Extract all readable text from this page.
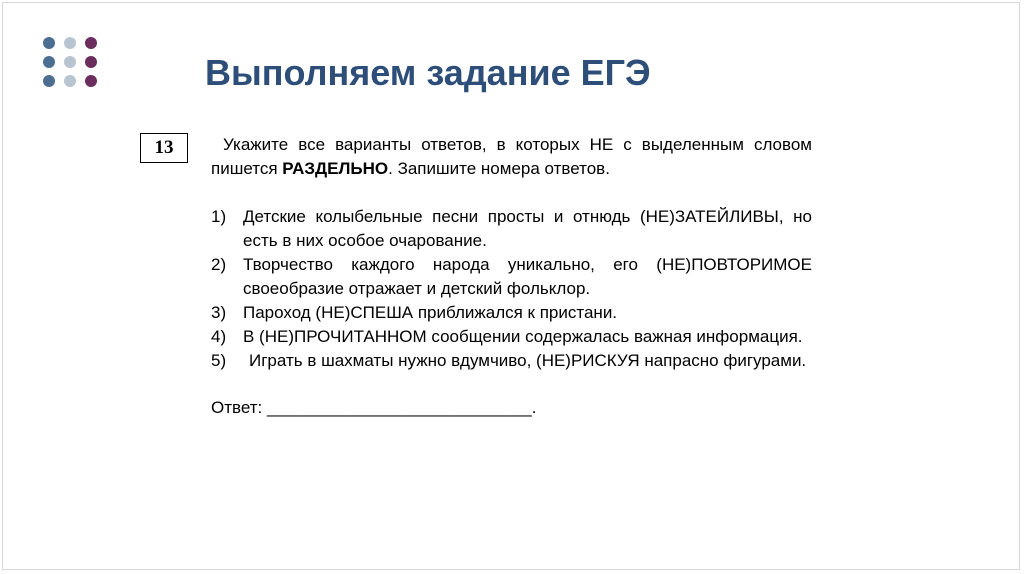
Выполняем задание ЕГЭ
13	Укажите все варианты ответов, в которых НЕ с выделенным словом пишется РАЗДЕЛЬНО. Запишите номера ответов.

1) Детские колыбельные песни просты и отнюдь (НЕ)ЗАТЕЙЛИВЫ, но есть в них особое очарование.
2) Творчество каждого народа уникально, его (НЕ)ПОВТОРИМОЕ своеобразие отражает и детский фольклор.
3) Пароход (НЕ)СПЕША приближался к пристани.
4) В (НЕ)ПРОЧИТАННОМ сообщении содержалась важная информация.
5)	Играть в шахматы нужно вдумчиво, (НЕ)РИСКУЯ напрасно фигурами.
Ответ: ____________________________.
